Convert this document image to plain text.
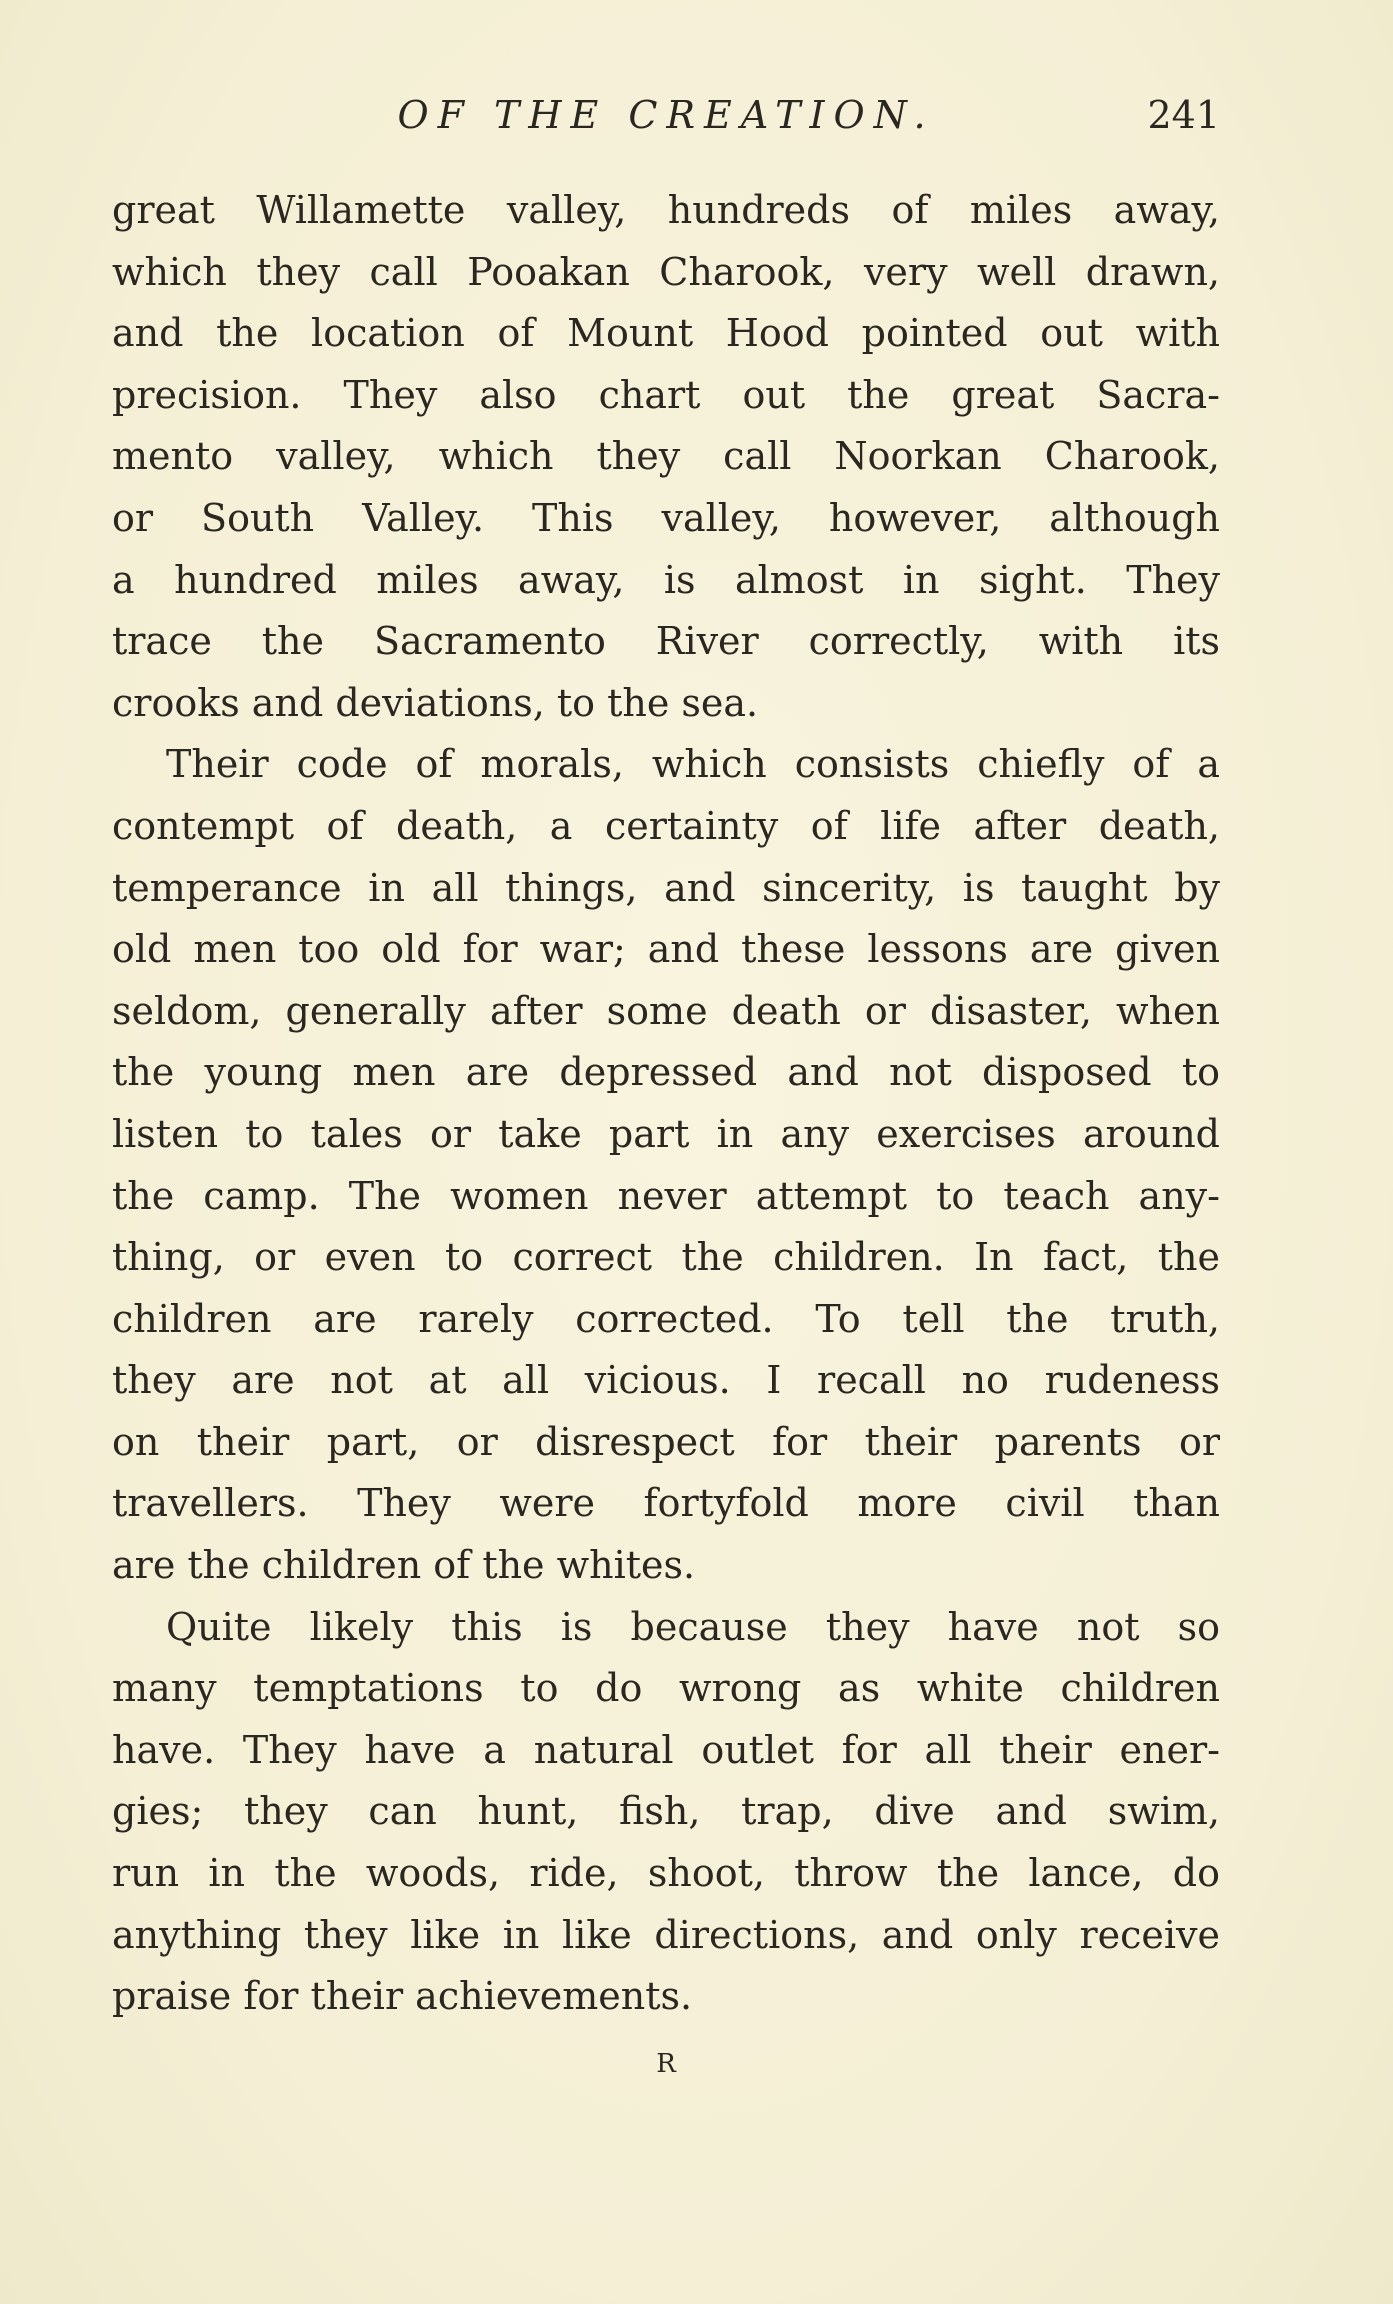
OF THE CREATION.	241
great Willamette valley, hundreds of miles away,
which they call Pooakan Charook, very well drawn,
and the location of Mount Hood pointed out with
precision. They also chart out the great Sacra-
mento valley, which they call Noorkan Charook,
or South Valley. This valley, however, although
a hundred miles away, is almost in sight. They
trace the Sacramento River correctly, with its
crooks and deviations, to the sea.
Their code of morals, which consists chiefly of a
contempt of death, a certainty of life after death,
temperance in all things, and sincerity, is taught by
old men too old for war; and these lessons are given
seldom, generally after some death or disaster, when
the young men are depressed and not disposed to
listen to tales or take part in any exercises around
the camp. The women never attempt to teach any-
thing, or even to correct the children. In fact, the
children are rarely corrected. To tell the truth,
they are not at all vicious. I recall no rudeness
on their part, or disrespect for their parents or
travellers. They were fortyfold more civil than
are the children of the whites.
Quite likely this is because they have not so
many temptations to do wrong as white children
have. They have a natural outlet for all their ener-
gies; they can hunt, fish, trap, dive and swim,
run in the woods, ride, shoot, throw the lance, do
anything they like in like directions, and only receive
praise for their achievements.
R
